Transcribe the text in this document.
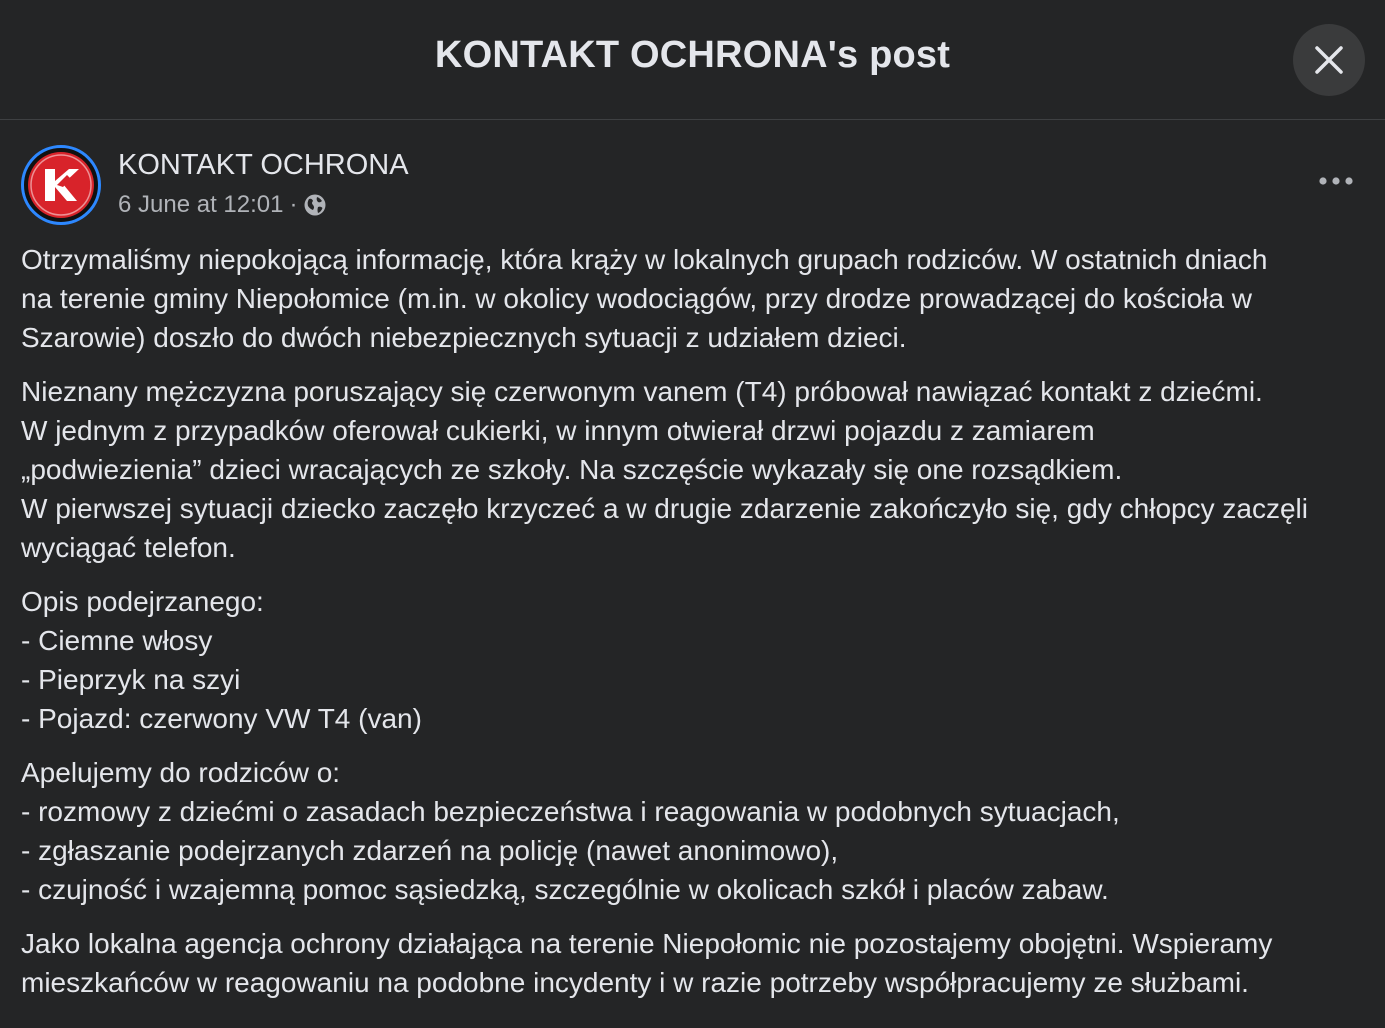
KONTAKT OCHRONA's post
KONTAKT OCHRONA
6 June at 12:01 ·
Otrzymaliśmy niepokojącą informację, która krąży w lokalnych grupach rodziców. W ostatnich dniach
na terenie gminy Niepołomice (m.in. w okolicy wodociągów, przy drodze prowadzącej do kościoła w
Szarowie) doszło do dwóch niebezpiecznych sytuacji z udziałem dzieci.
Nieznany mężczyzna poruszający się czerwonym vanem (T4) próbował nawiązać kontakt z dziećmi.
W jednym z przypadków oferował cukierki, w innym otwierał drzwi pojazdu z zamiarem
„podwiezienia” dzieci wracających ze szkoły. Na szczęście wykazały się one rozsądkiem.
W pierwszej sytuacji dziecko zaczęło krzyczeć a w drugie zdarzenie zakończyło się, gdy chłopcy zaczęli
wyciągać telefon.
Opis podejrzanego:
- Ciemne włosy
- Pieprzyk na szyi
- Pojazd: czerwony VW T4 (van)
Apelujemy do rodziców o:
- rozmowy z dziećmi o zasadach bezpieczeństwa i reagowania w podobnych sytuacjach,
- zgłaszanie podejrzanych zdarzeń na policję (nawet anonimowo),
- czujność i wzajemną pomoc sąsiedzką, szczególnie w okolicach szkół i placów zabaw.
Jako lokalna agencja ochrony działająca na terenie Niepołomic nie pozostajemy obojętni. Wspieramy
mieszkańców w reagowaniu na podobne incydenty i w razie potrzeby współpracujemy ze służbami.
